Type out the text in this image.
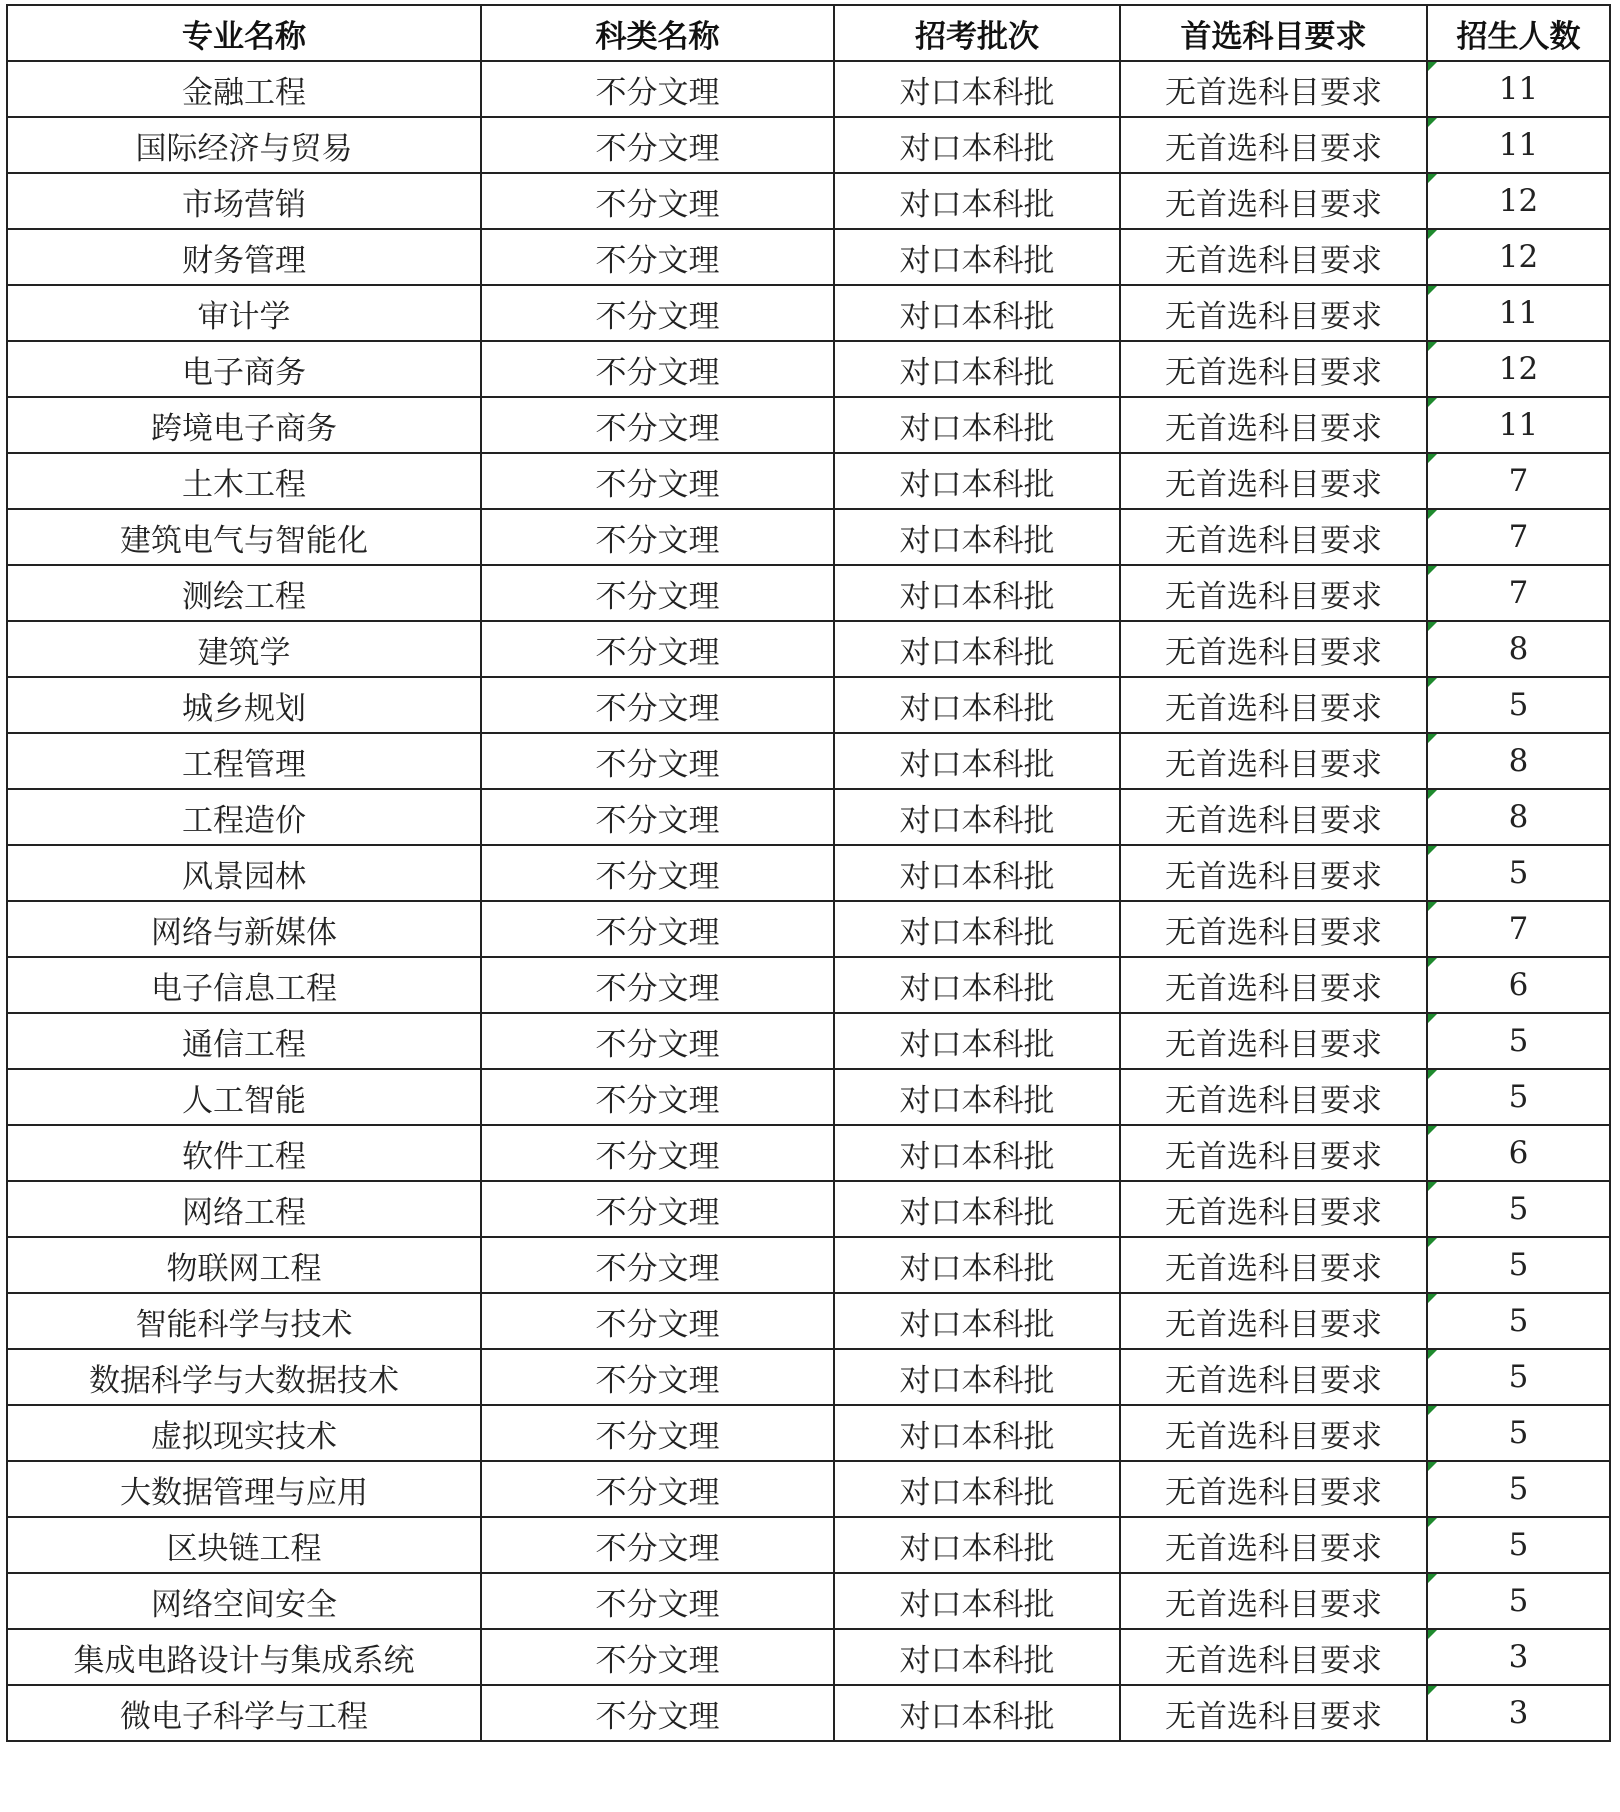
专业名称	科类名称	招考批次	首选科目要求	招生人数
金融工程	不分文理	对口本科批	无首选科目要求	11
国际经济与贸易	不分文理	对口本科批	无首选科目要求	11
市场营销	不分文理	对口本科批	无首选科目要求	12
财务管理	不分文理	对口本科批	无首选科目要求	12
审计学	不分文理	对口本科批	无首选科目要求	11
电子商务	不分文理	对口本科批	无首选科目要求	12
跨境电子商务	不分文理	对口本科批	无首选科目要求	11
土木工程	不分文理	对口本科批	无首选科目要求	7
建筑电气与智能化	不分文理	对口本科批	无首选科目要求	7
测绘工程	不分文理	对口本科批	无首选科目要求	7
建筑学	不分文理	对口本科批	无首选科目要求	8
城乡规划	不分文理	对口本科批	无首选科目要求	5
工程管理	不分文理	对口本科批	无首选科目要求	8
工程造价	不分文理	对口本科批	无首选科目要求	8
风景园林	不分文理	对口本科批	无首选科目要求	5
网络与新媒体	不分文理	对口本科批	无首选科目要求	7
电子信息工程	不分文理	对口本科批	无首选科目要求	6
通信工程	不分文理	对口本科批	无首选科目要求	5
人工智能	不分文理	对口本科批	无首选科目要求	5
软件工程	不分文理	对口本科批	无首选科目要求	6
网络工程	不分文理	对口本科批	无首选科目要求	5
物联网工程	不分文理	对口本科批	无首选科目要求	5
智能科学与技术	不分文理	对口本科批	无首选科目要求	5
数据科学与大数据技术	不分文理	对口本科批	无首选科目要求	5
虚拟现实技术	不分文理	对口本科批	无首选科目要求	5
大数据管理与应用	不分文理	对口本科批	无首选科目要求	5
区块链工程	不分文理	对口本科批	无首选科目要求	5
网络空间安全	不分文理	对口本科批	无首选科目要求	5
集成电路设计与集成系统	不分文理	对口本科批	无首选科目要求	3
微电子科学与工程	不分文理	对口本科批	无首选科目要求	3
